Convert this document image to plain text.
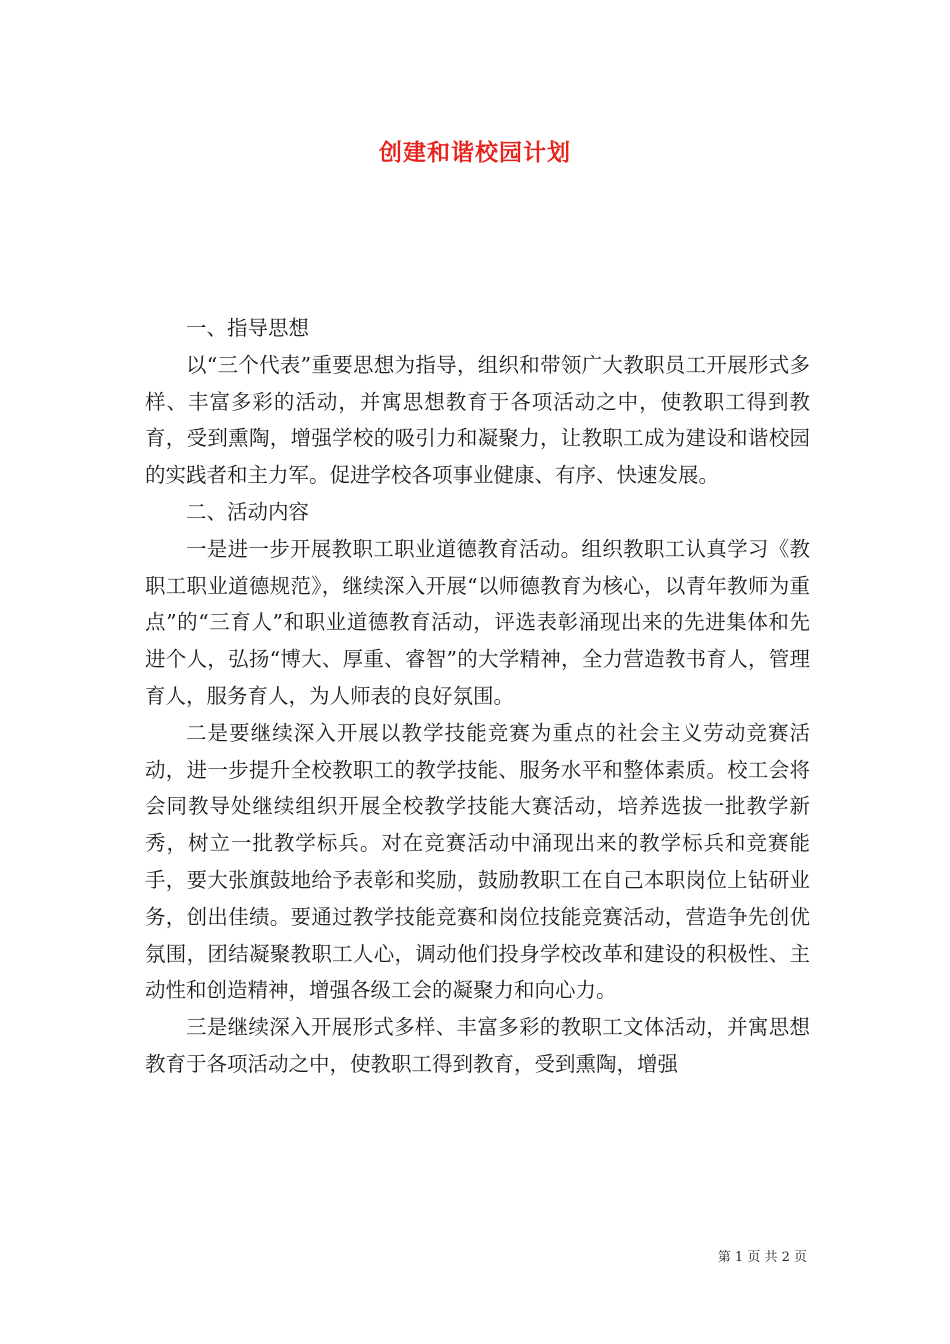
创建和谐校园计划

一、指导思想

以“三个代表”重要思想为指导，组织和带领广大教职员工开展形式多样、丰富多彩的活动，并寓思想教育于各项活动之中，使教职工得到教育，受到熏陶，增强学校的吸引力和凝聚力，让教职工成为建设和谐校园的实践者和主力军。促进学校各项事业健康、有序、快速发展。

二、活动内容

一是进一步开展教职工职业道德教育活动。组织教职工认真学习《教职工职业道德规范》，继续深入开展“以师德教育为核心，以青年教师为重点”的“三育人”和职业道德教育活动，评选表彰涌现出来的先进集体和先进个人，弘扬“博大、厚重、睿智”的大学精神，全力营造教书育人，管理育人，服务育人，为人师表的良好氛围。

二是要继续深入开展以教学技能竞赛为重点的社会主义劳动竞赛活动，进一步提升全校教职工的教学技能、服务水平和整体素质。校工会将会同教导处继续组织开展全校教学技能大赛活动，培养选拔一批教学新秀，树立一批教学标兵。对在竞赛活动中涌现出来的教学标兵和竞赛能手，要大张旗鼓地给予表彰和奖励，鼓励教职工在自己本职岗位上钻研业务，创出佳绩。要通过教学技能竞赛和岗位技能竞赛活动，营造争先创优氛围，团结凝聚教职工人心，调动他们投身学校改革和建设的积极性、主动性和创造精神，增强各级工会的凝聚力和向心力。

三是继续深入开展形式多样、丰富多彩的教职工文体活动，并寓思想教育于各项活动之中，使教职工得到教育，受到熏陶，增强

第 1 页 共 2 页
